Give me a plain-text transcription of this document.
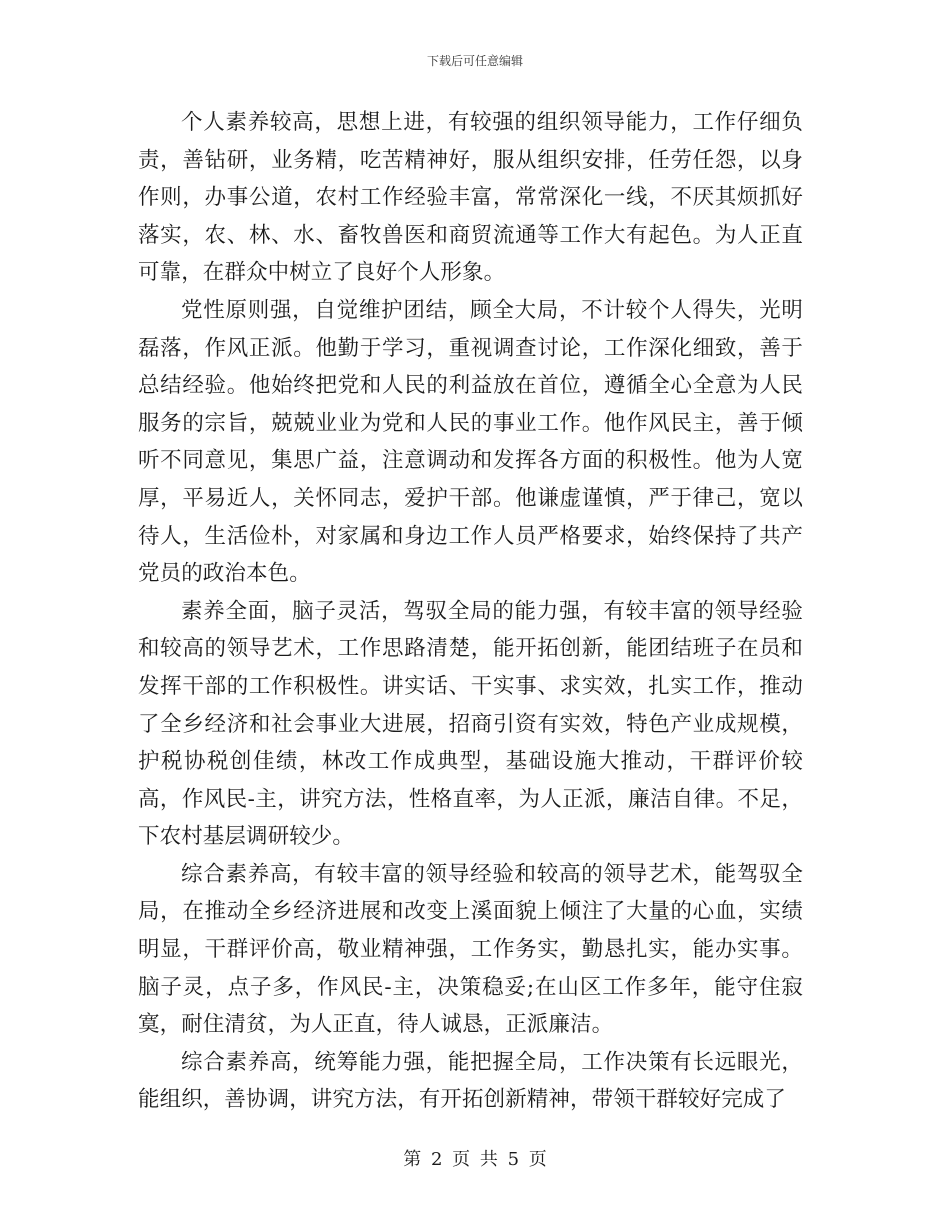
下载后可任意编辑

个人素养较高，思想上进，有较强的组织领导能力，工作仔细负责，善钻研，业务精，吃苦精神好，服从组织安排，任劳任怨，以身作则，办事公道，农村工作经验丰富，常常深化一线，不厌其烦抓好落实，农、林、水、畜牧兽医和商贸流通等工作大有起色。为人正直可靠，在群众中树立了良好个人形象。

党性原则强，自觉维护团结，顾全大局，不计较个人得失，光明磊落，作风正派。他勤于学习，重视调查讨论，工作深化细致，善于总结经验。他始终把党和人民的利益放在首位，遵循全心全意为人民服务的宗旨，兢兢业业为党和人民的事业工作。他作风民主，善于倾听不同意见，集思广益，注意调动和发挥各方面的积极性。他为人宽厚，平易近人，关怀同志，爱护干部。他谦虚谨慎，严于律己，宽以待人，生活俭朴，对家属和身边工作人员严格要求，始终保持了共产党员的政治本色。

素养全面，脑子灵活，驾驭全局的能力强，有较丰富的领导经验和较高的领导艺术，工作思路清楚，能开拓创新，能团结班子在员和发挥干部的工作积极性。讲实话、干实事、求实效，扎实工作，推动了全乡经济和社会事业大进展，招商引资有实效，特色产业成规模，护税协税创佳绩，林改工作成典型，基础设施大推动，干群评价较高，作风民-主，讲究方法，性格直率，为人正派，廉洁自律。不足，下农村基层调研较少。

综合素养高，有较丰富的领导经验和较高的领导艺术，能驾驭全局，在推动全乡经济进展和改变上溪面貌上倾注了大量的心血，实绩明显，干群评价高，敬业精神强，工作务实，勤恳扎实，能办实事。脑子灵，点子多，作风民-主，决策稳妥;在山区工作多年，能守住寂寞，耐住清贫，为人正直，待人诚恳，正派廉洁。

综合素养高，统筹能力强，能把握全局，工作决策有长远眼光，能组织，善协调，讲究方法，有开拓创新精神，带领干群较好完成了

第 2 页 共 5 页
